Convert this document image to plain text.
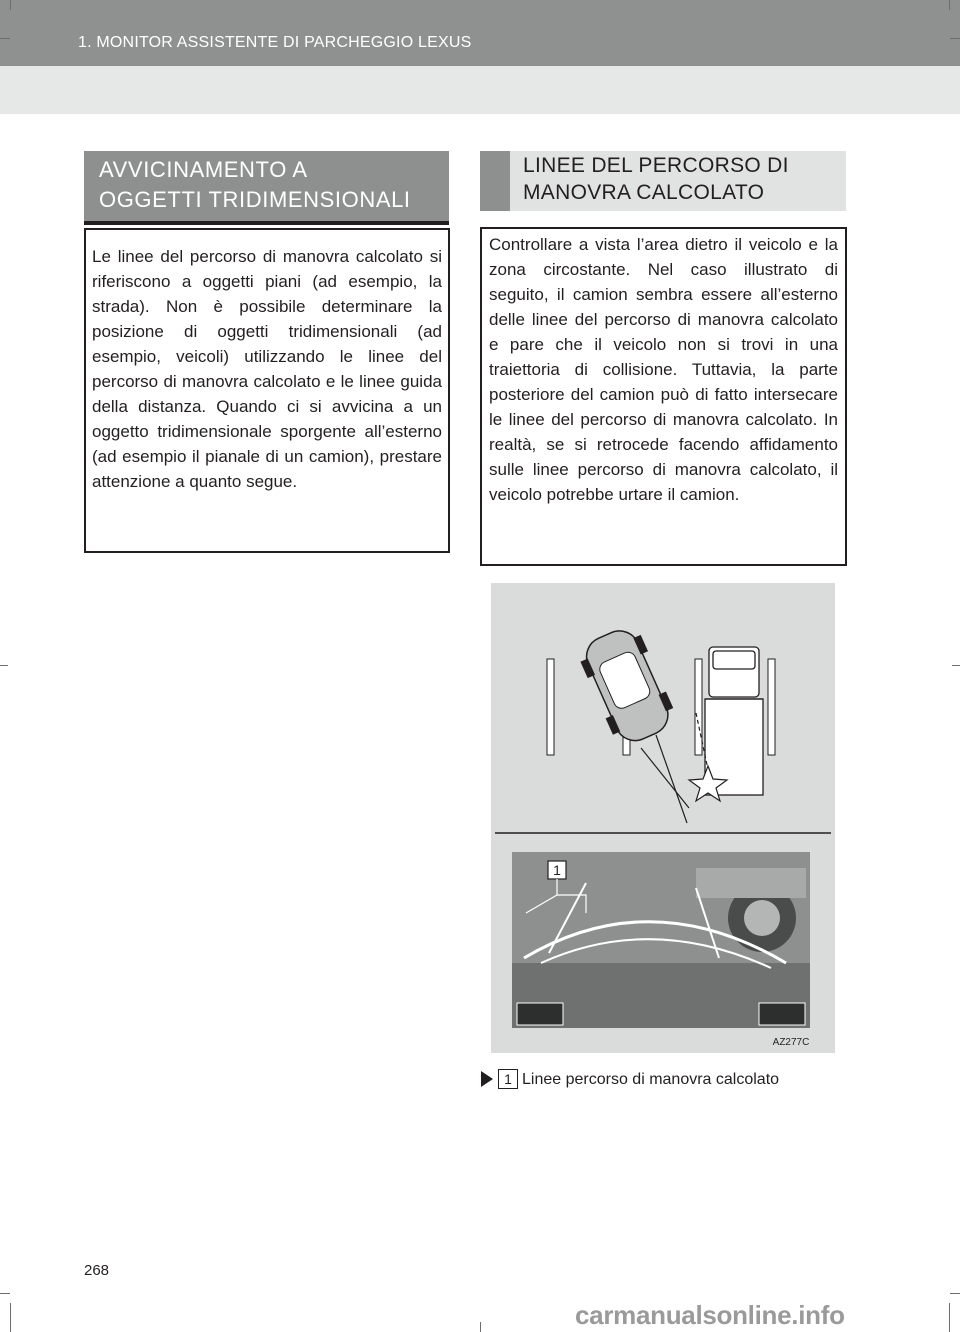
1. MONITOR ASSISTENTE DI PARCHEGGIO LEXUS
AVVICINAMENTO A
OGGETTI TRIDIMENSIONALI
Le linee del percorso di manovra calcolato si riferiscono a oggetti piani (ad esempio, la strada). Non è possibile determinare la posizione di oggetti tridimensionali (ad esempio, veicoli) utilizzando le linee del percorso di manovra calcolato e le linee guida della distanza. Quando ci si avvicina a un oggetto tridimensionale sporgente all’esterno (ad esempio il pianale di un camion), prestare attenzione a quanto segue.
LINEE DEL PERCORSO DI
MANOVRA CALCOLATO
Controllare a vista l’area dietro il veicolo e la zona circostante. Nel caso illustrato di seguito, il camion sembra essere all’esterno delle linee del percorso di manovra calcolato e pare che il veicolo non si trovi in una traiettoria di collisione. Tuttavia, la parte posteriore del camion può di fatto intersecare le linee del percorso di manovra calcolato. In realtà, se si retrocede facendo affidamento sulle linee percorso di manovra calcolato, il veicolo potrebbe urtare il camion.
1
AZ277C
1 Linee percorso di manovra calcolato
268
carmanualsonline.info
